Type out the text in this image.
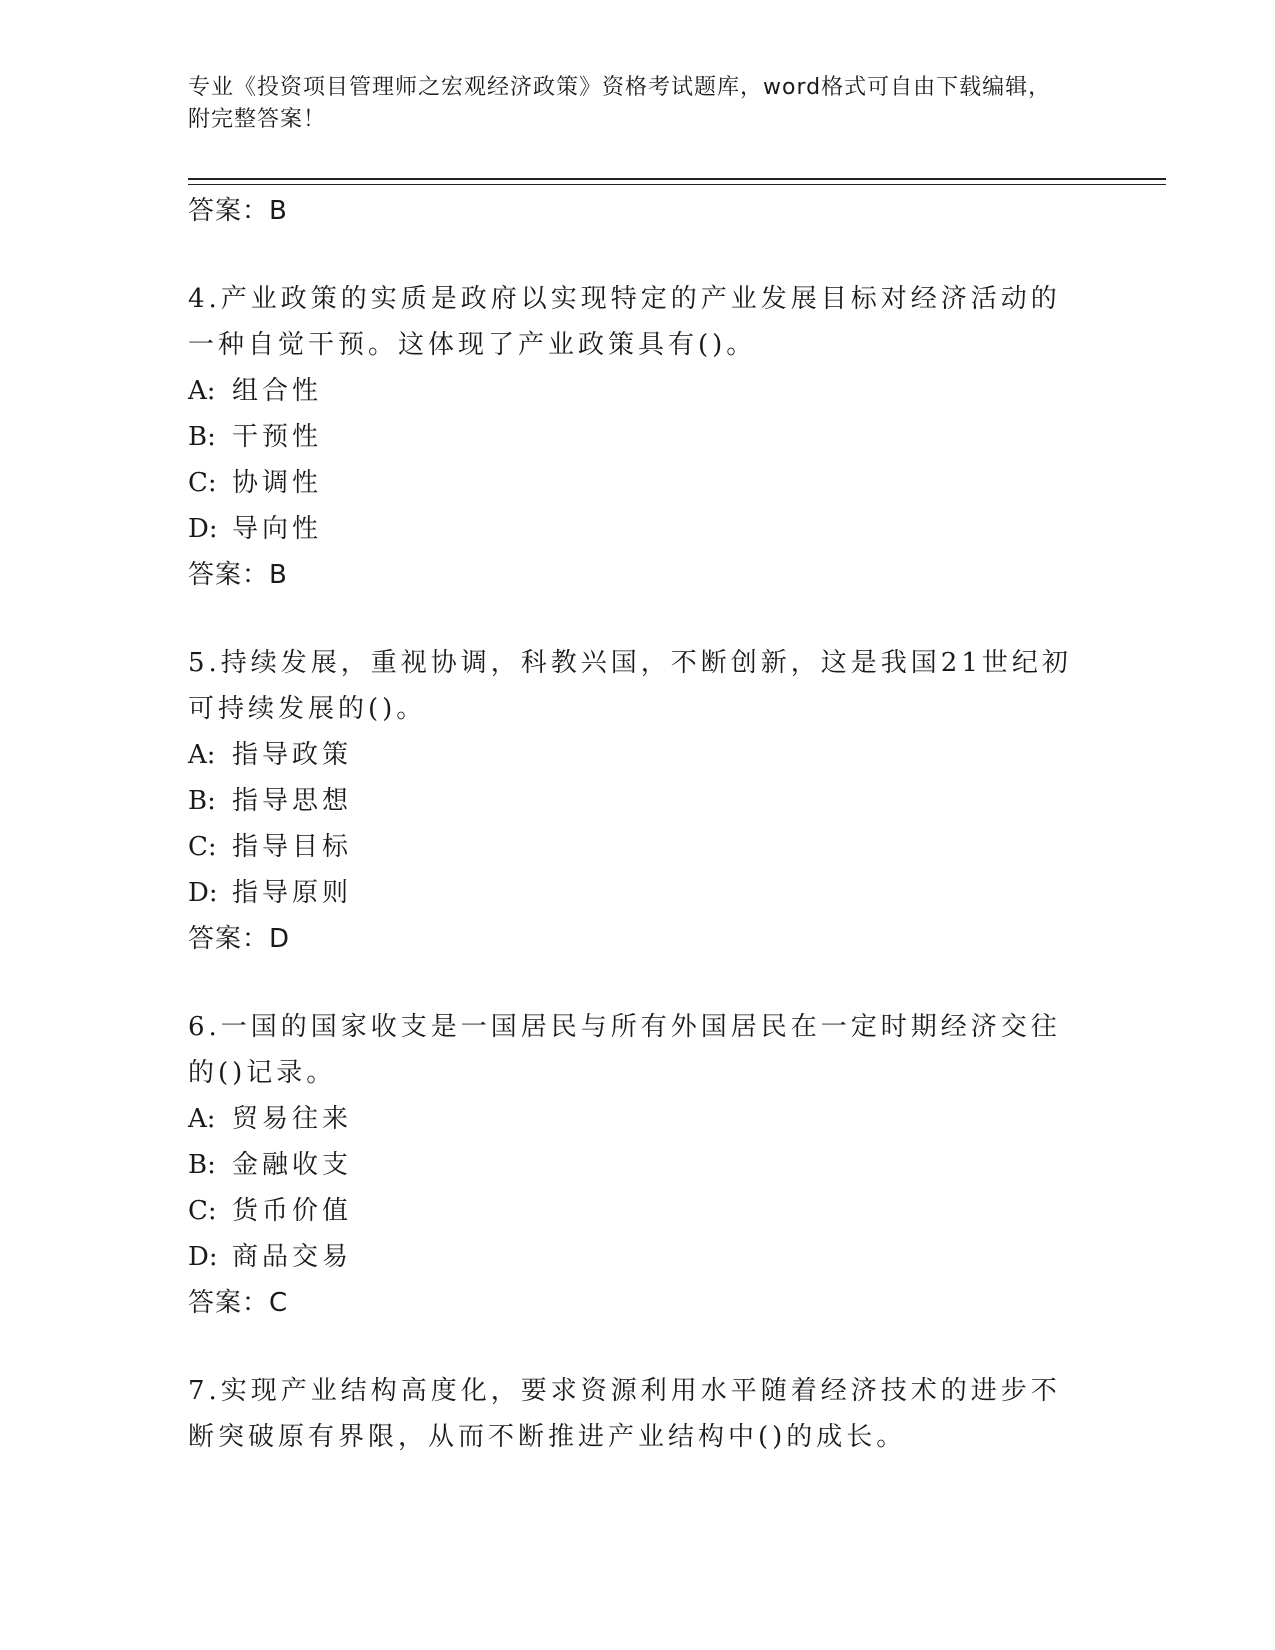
专业《投资项目管理师之宏观经济政策》资格考试题库，word格式可自由下载编辑，附完整答案！
答案：B
4.产业政策的实质是政府以实现特定的产业发展目标对经济活动的一种自觉干预。这体现了产业政策具有()。
A: 组合性
B: 干预性
C: 协调性
D: 导向性
答案：B
5.持续发展，重视协调，科教兴国，不断创新，这是我国21世纪初可持续发展的()。
A: 指导政策
B: 指导思想
C: 指导目标
D: 指导原则
答案：D
6.一国的国家收支是一国居民与所有外国居民在一定时期经济交往的()记录。
A: 贸易往来
B: 金融收支
C: 货币价值
D: 商品交易
答案：C
7.实现产业结构高度化，要求资源利用水平随着经济技术的进步不断突破原有界限，从而不断推进产业结构中()的成长。
